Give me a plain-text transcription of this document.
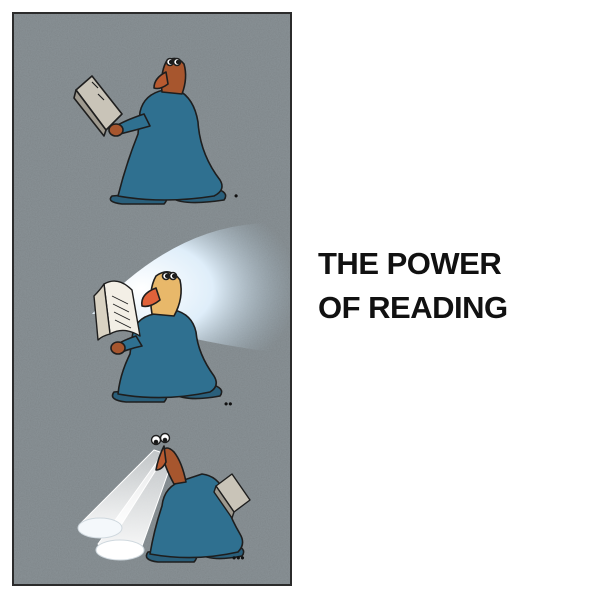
•
••
•••
THE POWER
OF READING
